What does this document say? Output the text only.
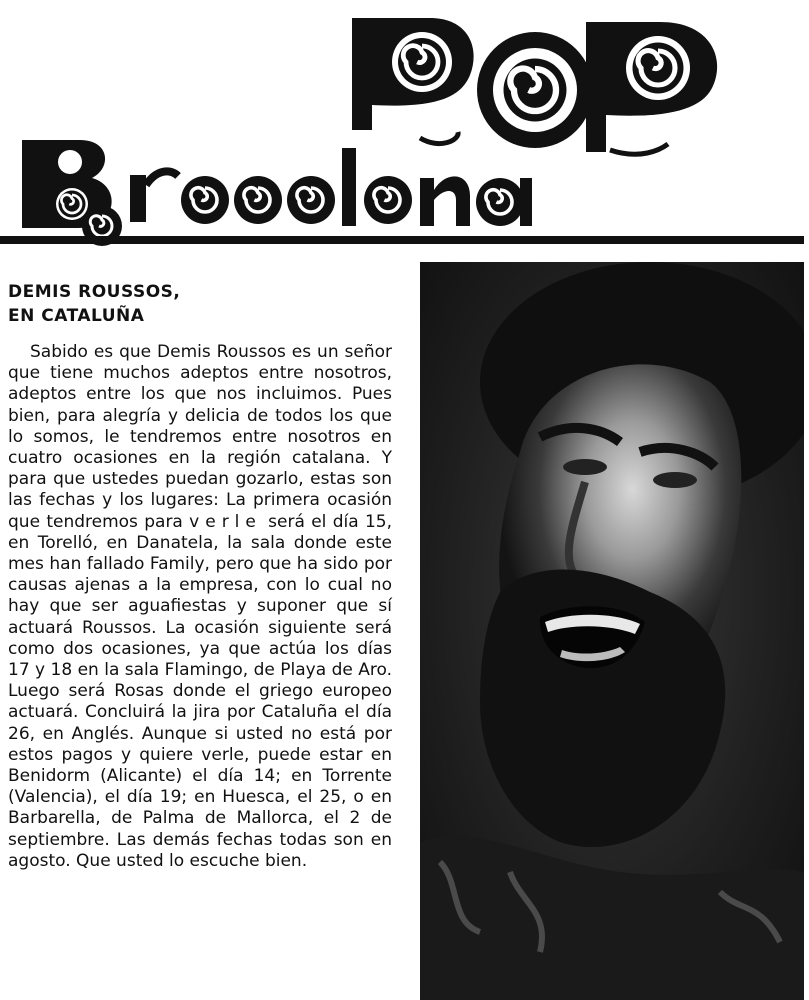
DEMIS ROUSSOS,
EN CATALUÑA
Sabido es que Demis Roussos es un señor que tiene muchos adeptos entre nosotros, adeptos entre los que nos incluimos. Pues bien, para alegría y delicia de todos los que lo somos, le tendremos entre nosotros en cuatro ocasiones en la región catalana. Y para que ustedes puedan gozarlo, estas son las fechas y los lugares: La primera ocasión que tendremos para verle será el día 15, en Torelló, en Danatela, la sala donde este mes han fallado Family, pero que ha sido por causas ajenas a la empresa, con lo cual no hay que ser aguafiestas y suponer que sí actuará Roussos. La ocasión siguiente será como dos ocasiones, ya que actúa los días 17 y 18 en la sala Flamingo, de Playa de Aro. Luego será Rosas donde el griego europeo actuará. Concluirá la jira por Cataluña el día 26, en Anglés. Aunque si usted no está por estos pagos y quiere verle, puede estar en Benidorm (Alicante) el día 14; en Torrente (Valencia), el día 19; en Huesca, el 25, o en Barbarella, de Palma de Mallorca, el 2 de septiembre. Las demás fechas todas son en agosto. Que usted lo escuche bien.
